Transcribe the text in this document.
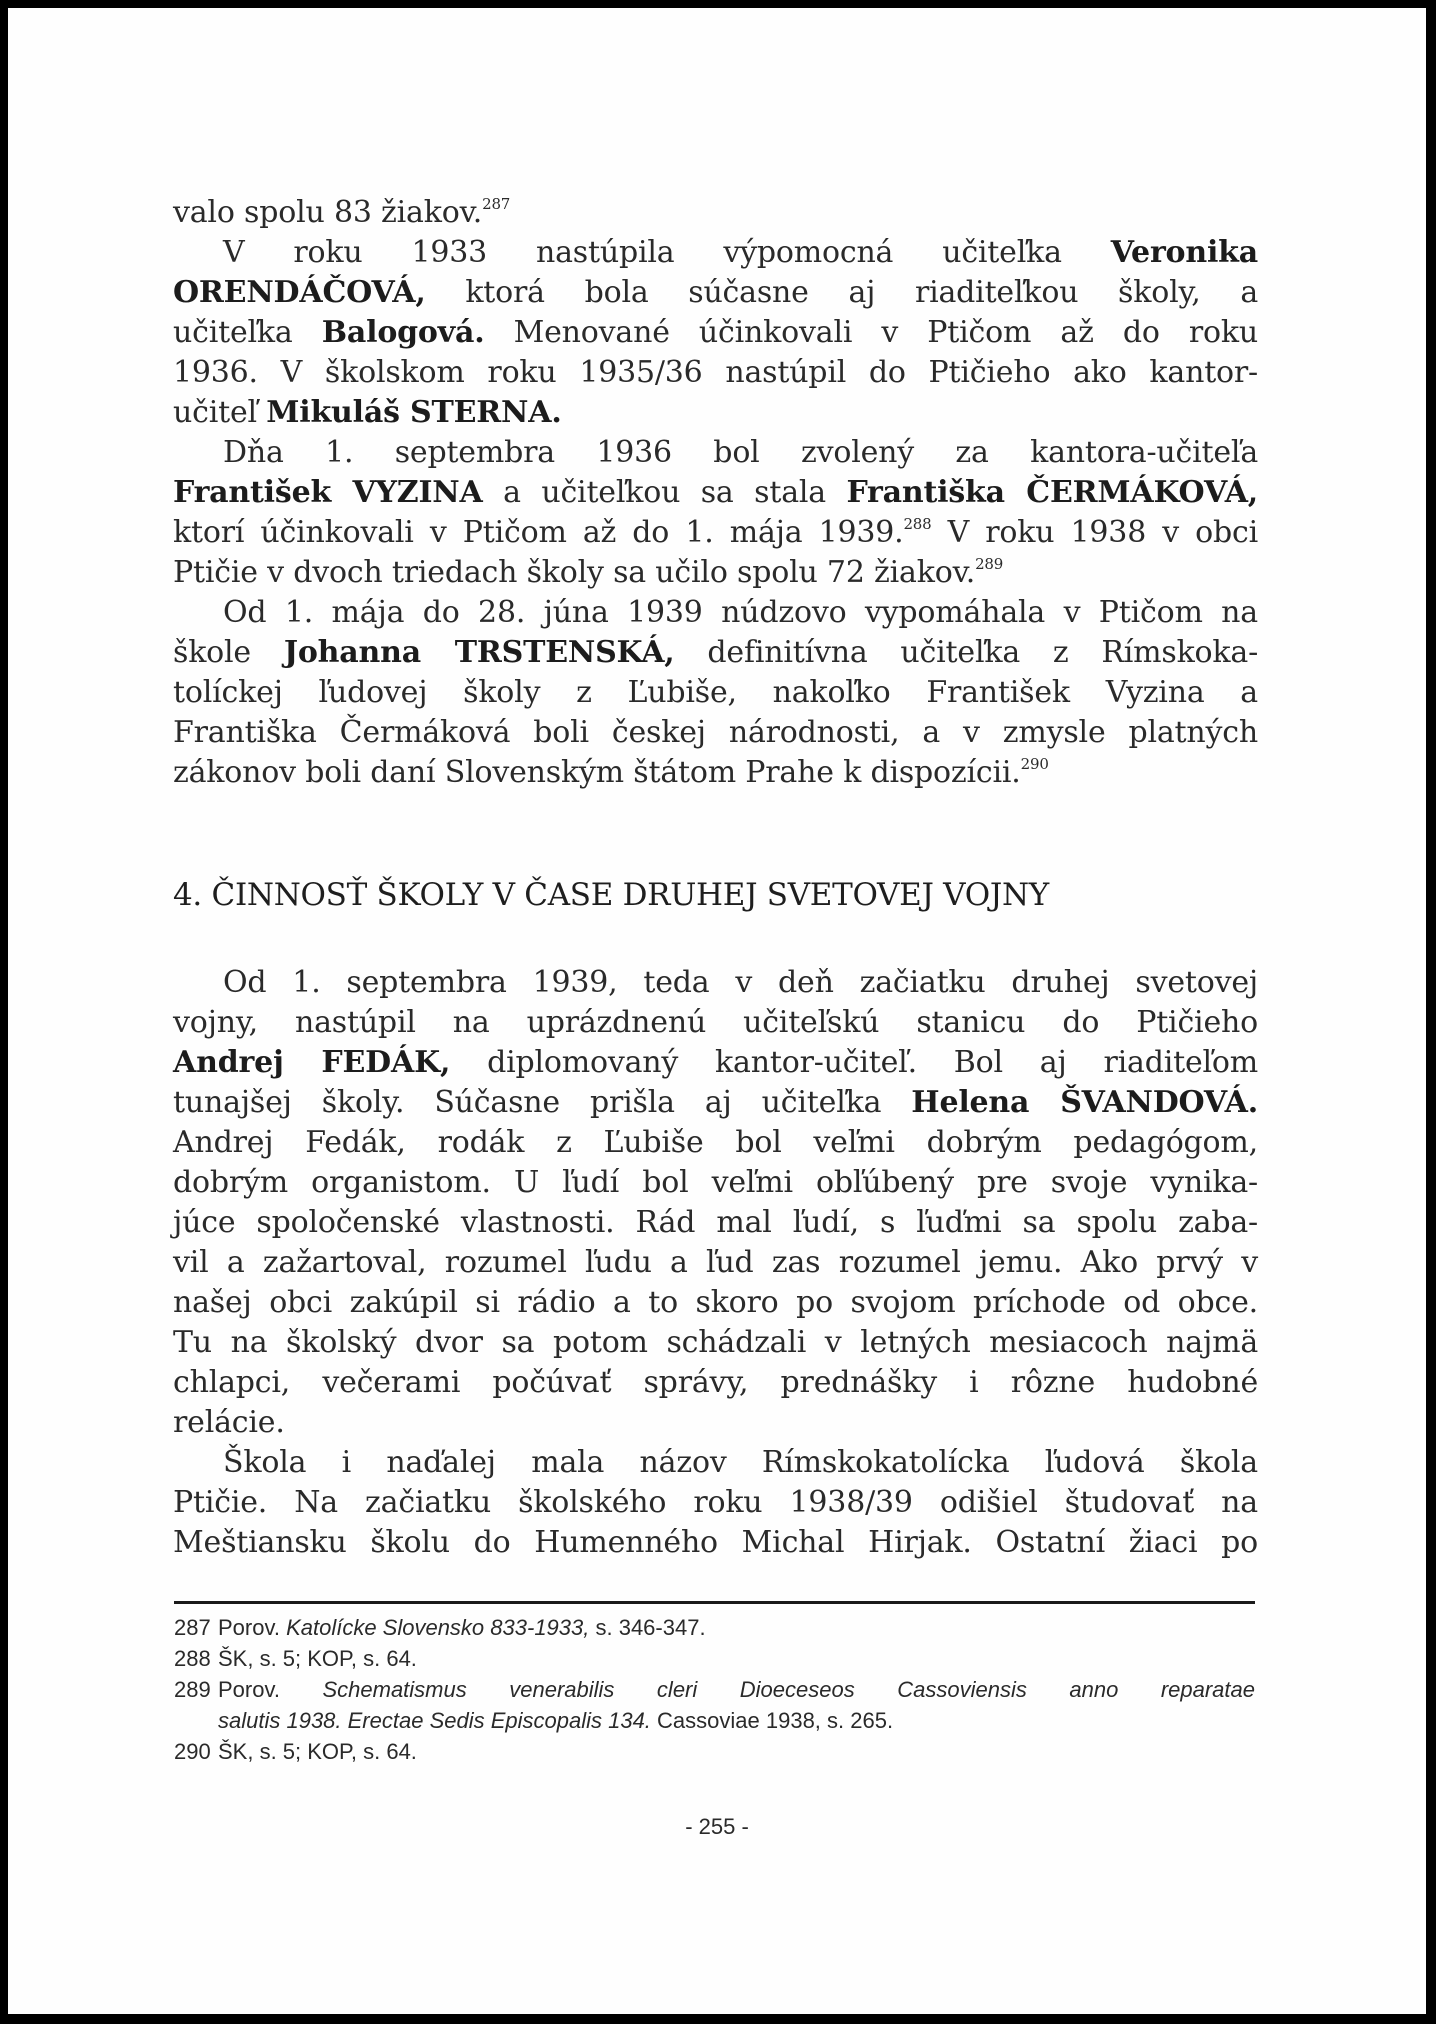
valo spolu 83 žiakov.$^{287}$

V roku 1933 nastúpila výpomocná učiteľka Veronika
ORENDÁČOVÁ, ktorá bola súčasne aj riaditeľkou školy, a
učiteľka Balogová. Menované účinkovali v Ptičom až do roku
1936. V školskom roku 1935/36 nastúpil do Ptičieho ako kantor-
učiteľ Mikuláš STERNA.

Dňa 1. septembra 1936 bol zvolený za kantora-učiteľa
František VYZINA a učiteľkou sa stala Františka ČERMÁKOVÁ,
ktorí účinkovali v Ptičom až do 1. mája 1939.$^{288}$ V roku 1938 v obci
Ptičie v dvoch triedach školy sa učilo spolu 72 žiakov.$^{289}$

Od 1. mája do 28. júna 1939 núdzovo vypomáhala v Ptičom na
škole Johanna TRSTENSKÁ, definitívna učiteľka z Rímskoka-
tolíckej ľudovej školy z Ľubiše, nakoľko František Vyzina a
Františka Čermáková boli českej národnosti, a v zmysle platných
zákonov boli daní Slovenským štátom Prahe k dispozícii.$^{290}$

4. ČINNOSŤ ŠKOLY V ČASE DRUHEJ SVETOVEJ VOJNY

Od 1. septembra 1939, teda v deň začiatku druhej svetovej
vojny, nastúpil na uprázdnenú učiteľskú stanicu do Ptičieho
Andrej FEDÁK, diplomovaný kantor-učiteľ. Bol aj riaditeľom
tunajšej školy. Súčasne prišla aj učiteľka Helena ŠVANDOVÁ.
Andrej Fedák, rodák z Ľubiše bol veľmi dobrým pedagógom,
dobrým organistom. U ľudí bol veľmi obľúbený pre svoje vynika-
júce spoločenské vlastnosti. Rád mal ľudí, s ľuďmi sa spolu zaba-
vil a zažartoval, rozumel ľudu a ľud zas rozumel jemu. Ako prvý v
našej obci zakúpil si rádio a to skoro po svojom príchode od obce.
Tu na školský dvor sa potom schádzali v letných mesiacoch najmä
chlapci, večerami počúvať správy, prednášky i rôzne hudobné
relácie.

Škola i naďalej mala názov Rímskokatolícka ľudová škola
Ptičie. Na začiatku školského roku 1938/39 odišiel študovať na
Meštiansku školu do Humenného Michal Hirjak. Ostatní žiaci po

287 Porov. Katolícke Slovensko 833-1933, s. 346-347.
288 ŠK, s. 5; KOP, s. 64.
289 Porov. Schematismus venerabilis cleri Dioeceseos Cassoviensis anno reparatae
salutis 1938. Erectae Sedis Episcopalis 134. Cassoviae 1938, s. 265.
290 ŠK, s. 5; KOP, s. 64.
- 255 -
